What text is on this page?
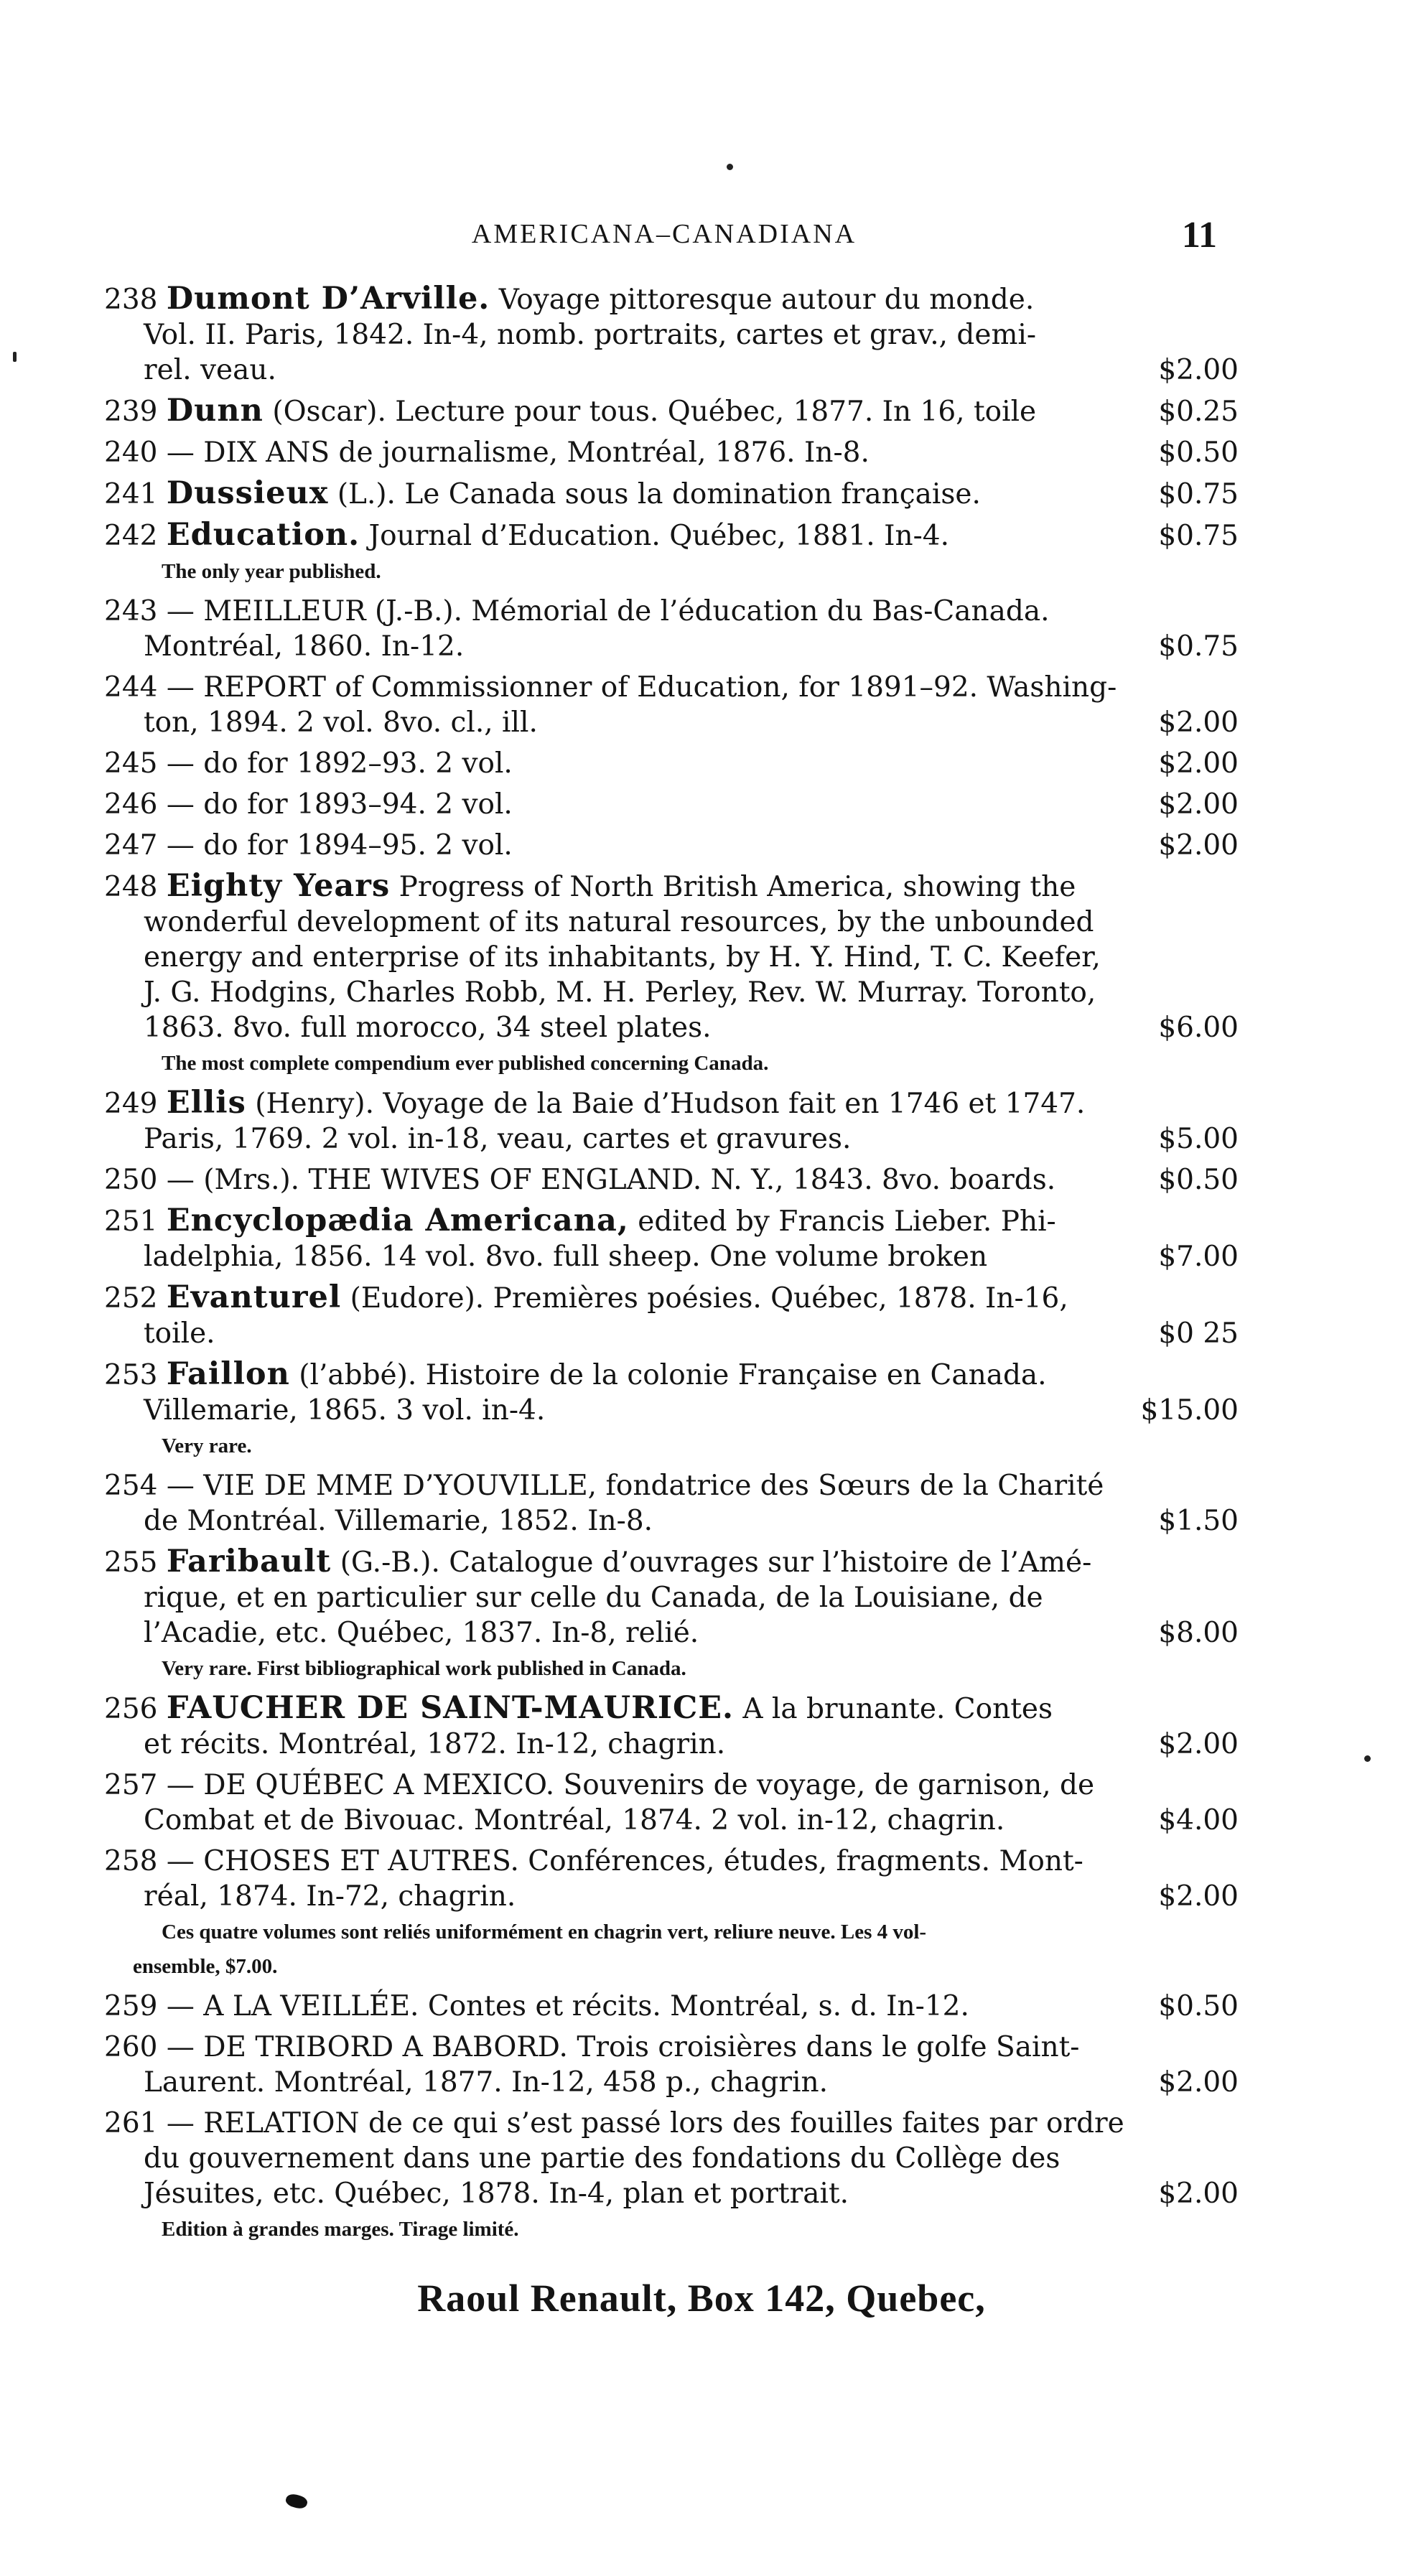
AMERICANA–CANADIANA	11
238 Dumont D’Arville. Voyage pittoresque autour du monde.
Vol. II. Paris, 1842. In-4, nomb. portraits, cartes et grav., demi-
rel. veau.	$2.00
239 Dunn (Oscar). Lecture pour tous. Québec, 1877. In 16, toile	$0.25
240 — DIX ANS de journalisme, Montréal, 1876. In-8.	$0.50
241 Dussieux (L.). Le Canada sous la domination française.	$0.75
242 Education. Journal d’Education. Québec, 1881. In-4.	$0.75
The only year published.
243 — MEILLEUR (J.-B.). Mémorial de l’éducation du Bas-Canada.
Montréal, 1860. In-12.	$0.75
244 — REPORT of Commissionner of Education, for 1891–92. Washing-
ton, 1894. 2 vol. 8vo. cl., ill.	$2.00
245 — do for 1892–93. 2 vol.	$2.00
246 — do for 1893–94. 2 vol.	$2.00
247 — do for 1894–95. 2 vol.	$2.00
248 Eighty Years Progress of North British America, showing the
wonderful development of its natural resources, by the unbounded
energy and enterprise of its inhabitants, by H. Y. Hind, T. C. Keefer,
J. G. Hodgins, Charles Robb, M. H. Perley, Rev. W. Murray. Toronto,
1863. 8vo. full morocco, 34 steel plates.	$6.00
The most complete compendium ever published concerning Canada.
249 Ellis (Henry). Voyage de la Baie d’Hudson fait en 1746 et 1747.
Paris, 1769. 2 vol. in-18, veau, cartes et gravures.	$5.00
250 — (Mrs.). THE WIVES OF ENGLAND. N. Y., 1843. 8vo. boards.	$0.50
251 Encyclopædia Americana, edited by Francis Lieber. Phi-
ladelphia, 1856. 14 vol. 8vo. full sheep. One volume broken	$7.00
252 Evanturel (Eudore). Premières poésies. Québec, 1878. In-16,
toile.	$0 25
253 Faillon (l’abbé). Histoire de la colonie Française en Canada.
Villemarie, 1865. 3 vol. in-4.	$15.00
Very rare.
254 — VIE DE MME D’YOUVILLE, fondatrice des Sœurs de la Charité
de Montréal. Villemarie, 1852. In-8.	$1.50
255 Faribault (G.-B.). Catalogue d’ouvrages sur l’histoire de l’Amé-
rique, et en particulier sur celle du Canada, de la Louisiane, de
l’Acadie, etc. Québec, 1837. In-8, relié.	$8.00
Very rare. First bibliographical work published in Canada.
256 FAUCHER DE SAINT-MAURICE. A la brunante. Contes
et récits. Montréal, 1872. In-12, chagrin.	$2.00
257 — DE QUÉBEC A MEXICO. Souvenirs de voyage, de garnison, de
Combat et de Bivouac. Montréal, 1874. 2 vol. in-12, chagrin.	$4.00
258 — CHOSES ET AUTRES. Conférences, études, fragments. Mont-
réal, 1874. In-72, chagrin.	$2.00
Ces quatre volumes sont reliés uniformément en chagrin vert, reliure neuve. Les 4 vol-
ensemble, $7.00.
259 — A LA VEILLÉE. Contes et récits. Montréal, s. d. In-12.	$0.50
260 — DE TRIBORD A BABORD. Trois croisières dans le golfe Saint-
Laurent. Montréal, 1877. In-12, 458 p., chagrin.	$2.00
261 — RELATION de ce qui s’est passé lors des fouilles faites par ordre
du gouvernement dans une partie des fondations du Collège des
Jésuites, etc. Québec, 1878. In-4, plan et portrait.	$2.00
Edition à grandes marges. Tirage limité.
Raoul Renault, Box 142, Quebec,
